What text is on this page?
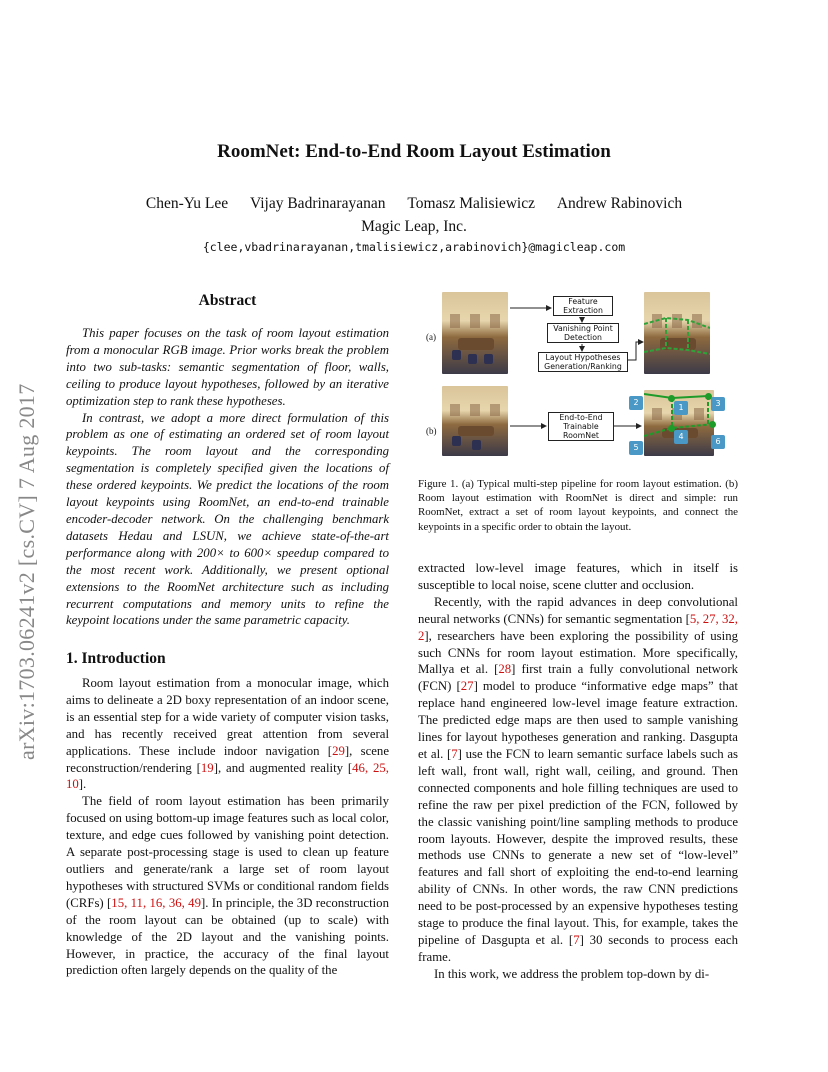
RoomNet: End-to-End Room Layout Estimation
Chen-Yu Lee Vijay Badrinarayanan Tomasz Malisiewicz Andrew Rabinovich
Magic Leap, Inc.
{clee,vbadrinarayanan,tmalisiewicz,arabinovich}@magicleap.com
arXiv:1703.06241v2 [cs.CV] 7 Aug 2017
Abstract

This paper focuses on the task of room layout estimation from a monocular RGB image. Prior works break the problem into two sub-tasks: semantic segmentation of floor, walls, ceiling to produce layout hypotheses, followed by an iterative optimization step to rank these hypotheses.

In contrast, we adopt a more direct formulation of this problem as one of estimating an ordered set of room layout keypoints. The room layout and the corresponding segmentation is completely specified given the locations of these ordered keypoints. We predict the locations of the room layout keypoints using RoomNet, an end-to-end trainable encoder-decoder network. On the challenging benchmark datasets Hedau and LSUN, we achieve state-of-the-art performance along with 200× to 600× speedup compared to the most recent work. Additionally, we present optional extensions to the RoomNet architecture such as including recurrent computations and memory units to refine the keypoint locations under the same parametric capacity.

1. Introduction

Room layout estimation from a monocular image, which aims to delineate a 2D boxy representation of an indoor scene, is an essential step for a wide variety of computer vision tasks, and has recently received great attention from several applications. These include indoor navigation [29], scene reconstruction/rendering [19], and augmented reality [46, 25, 10].

The field of room layout estimation has been primarily focused on using bottom-up image features such as local color, texture, and edge cues followed by vanishing point detection. A separate post-processing stage is used to clean up feature outliers and generate/rank a large set of room layout hypotheses with structured SVMs or conditional random fields (CRFs) [15, 11, 16, 36, 49]. In principle, the 3D reconstruction of the room layout can be obtained (up to scale) with knowledge of the 2D layout and the vanishing points. However, in practice, the accuracy of the final layout prediction often largely depends on the quality of the

(a)
(b)
Feature Extraction
Vanishing Point Detection
Layout Hypotheses Generation/Ranking
End-to-End Trainable RoomNet
1
2	3
4
5
6
Figure 1. (a) Typical multi-step pipeline for room layout estimation. (b) Room layout estimation with RoomNet is direct and simple: run RoomNet, extract a set of room layout keypoints, and connect the keypoints in a specific order to obtain the layout.

extracted low-level image features, which in itself is susceptible to local noise, scene clutter and occlusion.

Recently, with the rapid advances in deep convolutional neural networks (CNNs) for semantic segmentation [5, 27, 32, 2], researchers have been exploring the possibility of using such CNNs for room layout estimation. More specifically, Mallya et al. [28] first train a fully convolutional network (FCN) [27] model to produce “informative edge maps” that replace hand engineered low-level image feature extraction. The predicted edge maps are then used to sample vanishing lines for layout hypotheses generation and ranking. Dasgupta et al. [7] use the FCN to learn semantic surface labels such as left wall, front wall, right wall, ceiling, and ground. Then connected components and hole filling techniques are used to refine the raw per pixel prediction of the FCN, followed by the classic vanishing point/line sampling methods to produce room layouts. However, despite the improved results, these methods use CNNs to generate a new set of “low-level” features and fall short of exploiting the end-to-end learning ability of CNNs. In other words, the raw CNN predictions need to be post-processed by an expensive hypotheses testing stage to produce the final layout. This, for example, takes the pipeline of Dasgupta et al. [7] 30 seconds to process each frame.

In this work, we address the problem top-down by di-
